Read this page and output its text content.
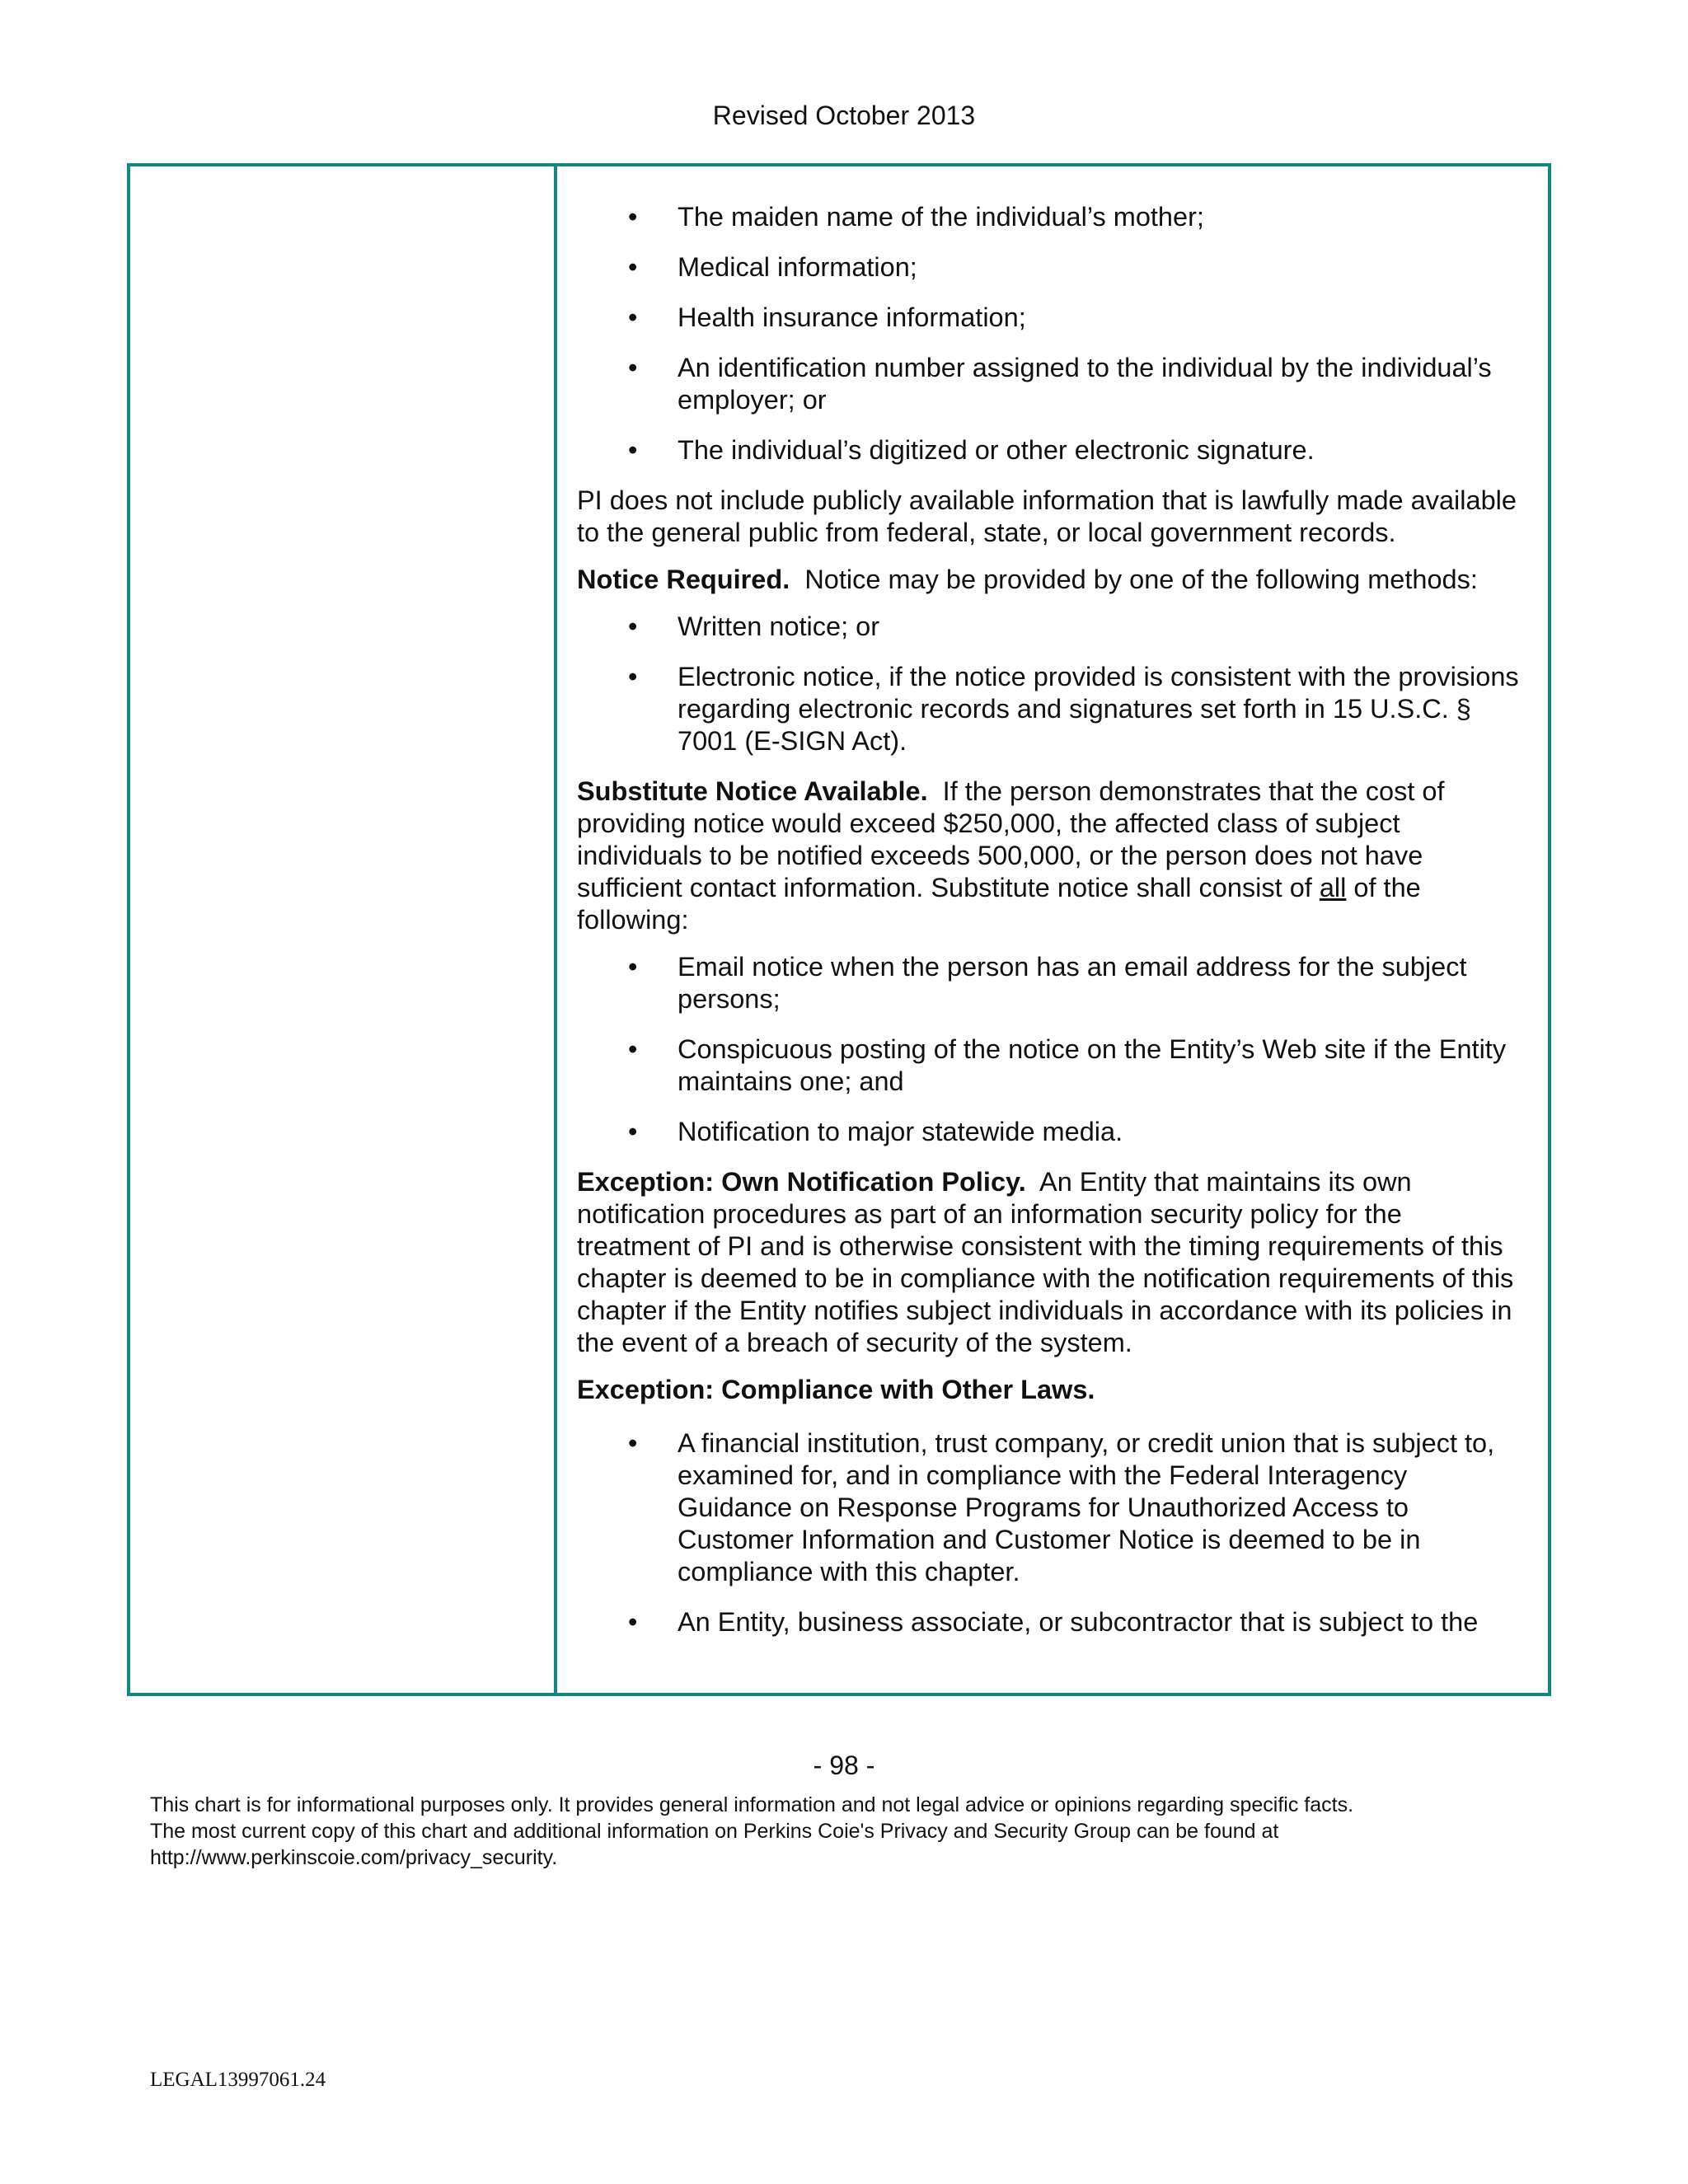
Revised October 2013
•	The maiden name of the individual’s mother;
•	Medical information;
•	Health insurance information;
•	An identification number assigned to the individual by the individual’s employer; or
•	The individual’s digitized or other electronic signature.

PI does not include publicly available information that is lawfully made available to the general public from federal, state, or local government records.

Notice Required. Notice may be provided by one of the following methods:

•	Written notice; or
•	Electronic notice, if the notice provided is consistent with the provisions regarding electronic records and signatures set forth in 15 U.S.C. § 7001 (E-SIGN Act).

Substitute Notice Available. If the person demonstrates that the cost of providing notice would exceed $250,000, the affected class of subject individuals to be notified exceeds 500,000, or the person does not have sufficient contact information. Substitute notice shall consist of all of the following:

•	Email notice when the person has an email address for the subject persons;
•	Conspicuous posting of the notice on the Entity’s Web site if the Entity maintains one; and
•	Notification to major statewide media.

Exception: Own Notification Policy. An Entity that maintains its own notification procedures as part of an information security policy for the treatment of PI and is otherwise consistent with the timing requirements of this chapter is deemed to be in compliance with the notification requirements of this chapter if the Entity notifies subject individuals in accordance with its policies in the event of a breach of security of the system.

Exception: Compliance with Other Laws.

•	A financial institution, trust company, or credit union that is subject to, examined for, and in compliance with the Federal Interagency Guidance on Response Programs for Unauthorized Access to Customer Information and Customer Notice is deemed to be in compliance with this chapter.
•	An Entity, business associate, or subcontractor that is subject to the
- 98 -
This chart is for informational purposes only. It provides general information and not legal advice or opinions regarding specific facts.
The most current copy of this chart and additional information on Perkins Coie's Privacy and Security Group can be found at
http://www.perkinscoie.com/privacy_security.
LEGAL13997061.24
